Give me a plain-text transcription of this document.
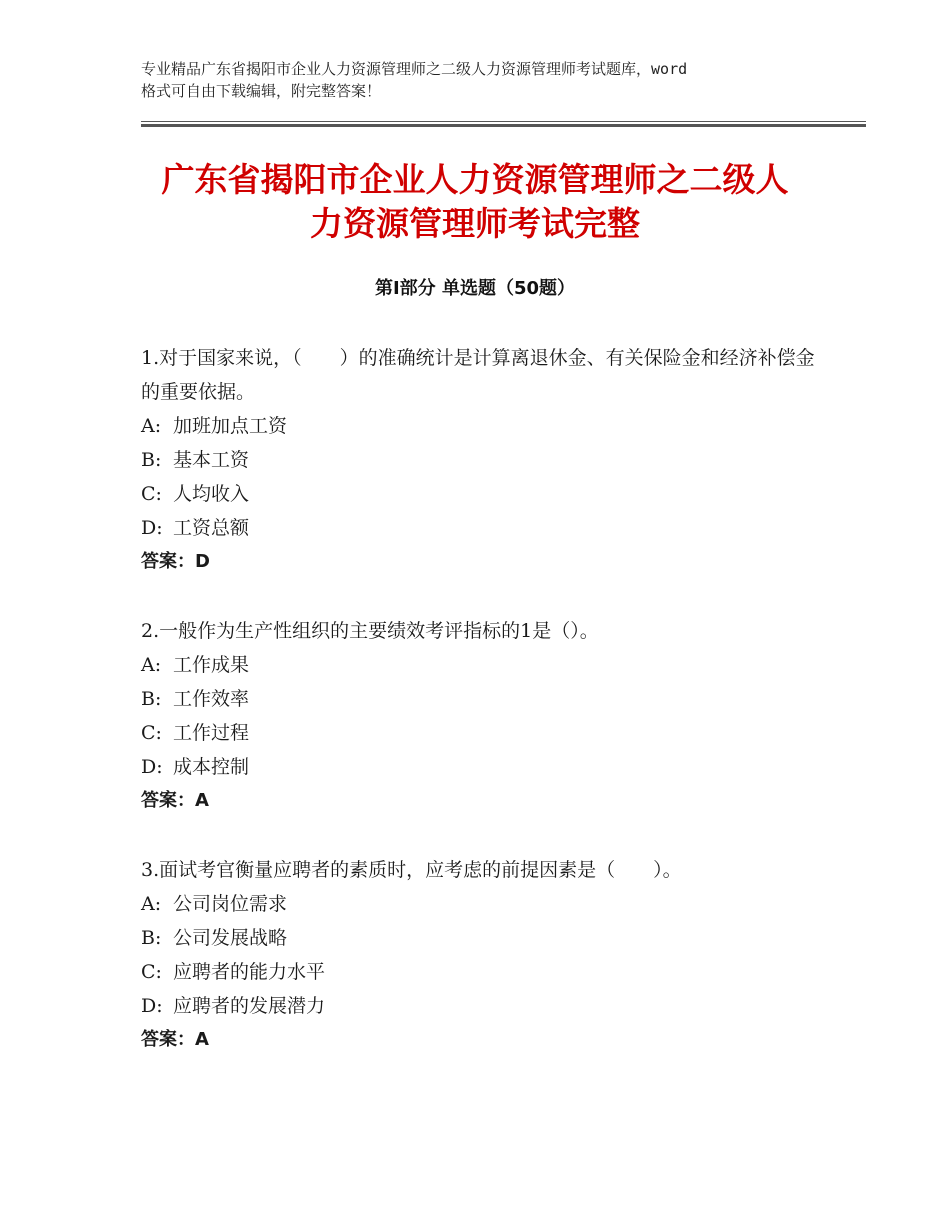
专业精品广东省揭阳市企业人力资源管理师之二级人力资源管理师考试题库，word
格式可自由下载编辑，附完整答案！
广东省揭阳市企业人力资源管理师之二级人
力资源管理师考试完整
第Ⅰ部分 单选题（50题）

1.对于国家来说，（　　）的准确统计是计算离退休金、有关保险金和经济补偿金的重要依据。

A: 加班加点工资

B: 基本工资

C: 人均收入

D: 工资总额

答案：D

2.一般作为生产性组织的主要绩效考评指标的1是（）。

A: 工作成果

B: 工作效率

C: 工作过程

D: 成本控制

答案：A

3.面试考官衡量应聘者的素质时，应考虑的前提因素是（　　）。

A: 公司岗位需求

B: 公司发展战略

C: 应聘者的能力水平

D: 应聘者的发展潜力

答案：A
